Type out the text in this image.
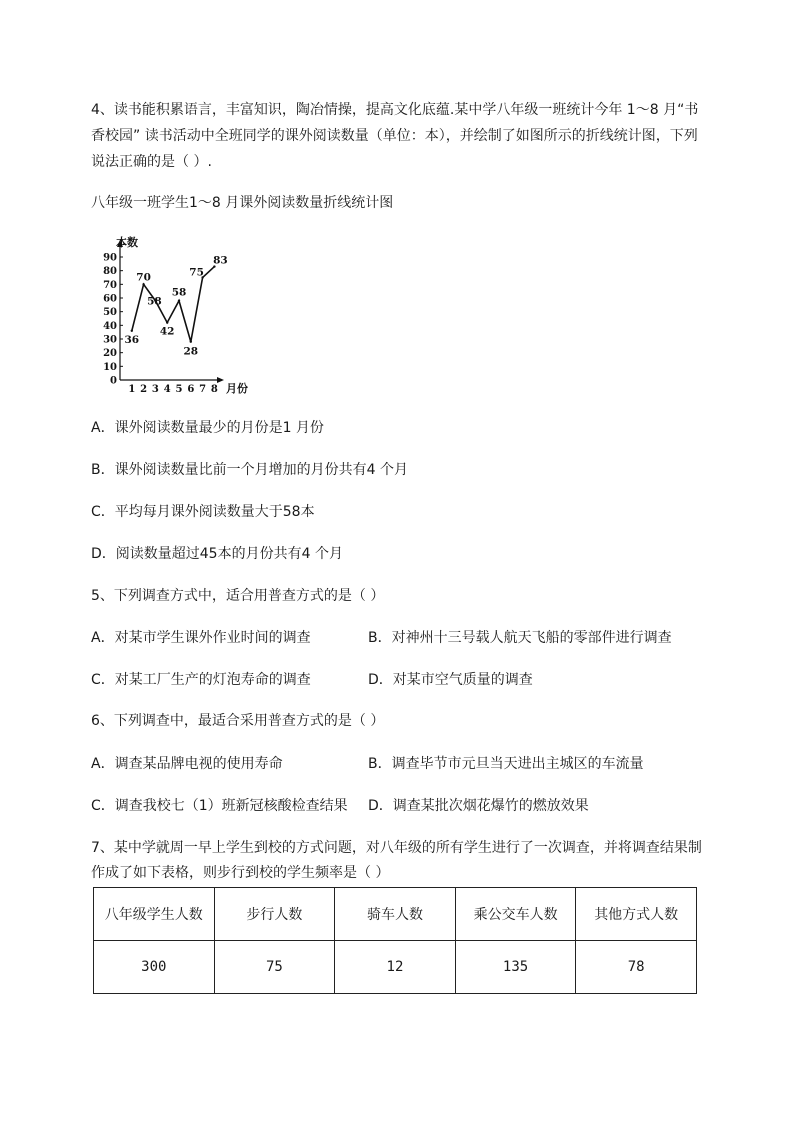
4、读书能积累语言，丰富知识，陶冶情操，提高文化底蕴.某中学八年级一班统计今年 1～8 月“书
香校园” 读书活动中全班同学的课外阅读数量（单位：本），并绘制了如图所示的折线统计图，下列
说法正确的是（ ）.
八年级一班学生1～8 月课外阅读数量折线统计图
0
10
20
30
40
50
60
70
80
90
1 2 3 4 5 6 7 8
36
70
58
42
58
28
75
83
本数
月份
A．课外阅读数量最少的月份是1 月份
B．课外阅读数量比前一个月增加的月份共有4 个月
C．平均每月课外阅读数量大于58本
D．阅读数量超过45本的月份共有4 个月
5、下列调查方式中，适合用普查方式的是（ ）
A．对某市学生课外作业时间的调查	B．对神州十三号载人航天飞船的零部件进行调查
C．对某工厂生产的灯泡寿命的调查	D．对某市空气质量的调查
6、下列调查中，最适合采用普查方式的是（ ）
A．调查某品牌电视的使用寿命	B．调查毕节市元旦当天进出主城区的车流量
C．调查我校七（1）班新冠核酸检查结果 D．调查某批次烟花爆竹的燃放效果
7、某中学就周一早上学生到校的方式问题，对八年级的所有学生进行了一次调查，并将调查结果制
作成了如下表格，则步行到校的学生频率是（ ）
八年级学生人数	步行人数	骑车人数	乘公交车人数	其他方式人数
300	75	12	135	78
